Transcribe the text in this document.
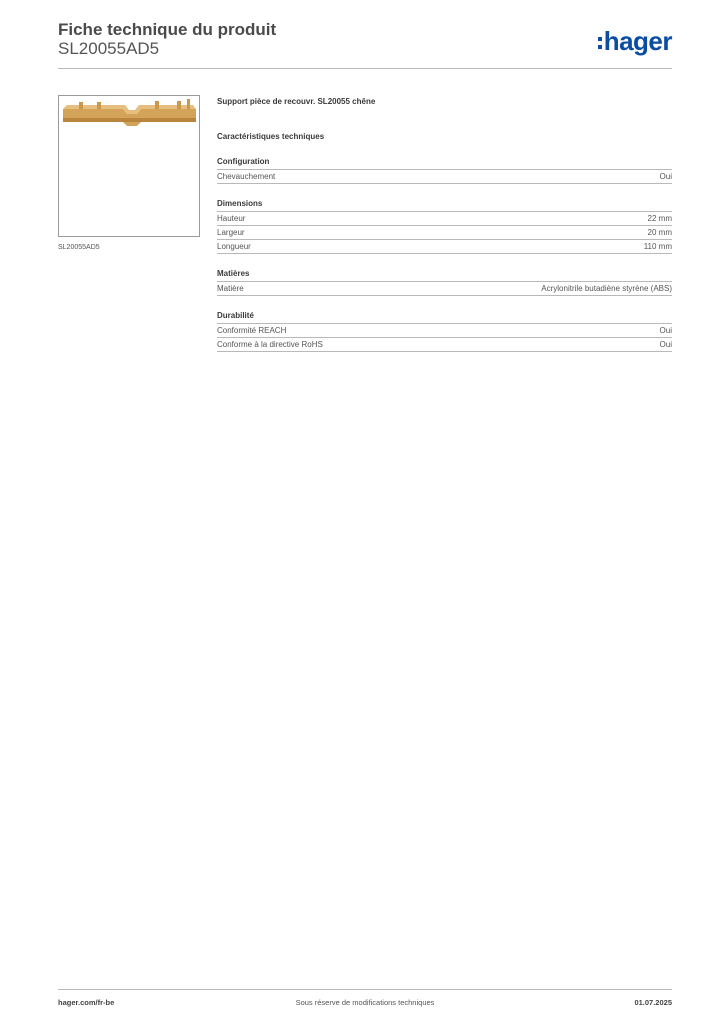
Fiche technique du produit
SL20055AD5	hager
SL20055AD5
Support pièce de recouvr. SL20055 chêne
Caractéristiques techniques
Configuration
Chevauchement	Oui
Dimensions
Hauteur	22 mm
Largeur	20 mm
Longueur	110 mm
Matières
Matière	Acrylonitrile butadiène styrène (ABS)
Durabilité
Conformité REACH	Oui
Conforme à la directive RoHS	Oui
hager.com/fr-be	Sous réserve de modifications techniques	01.07.2025
